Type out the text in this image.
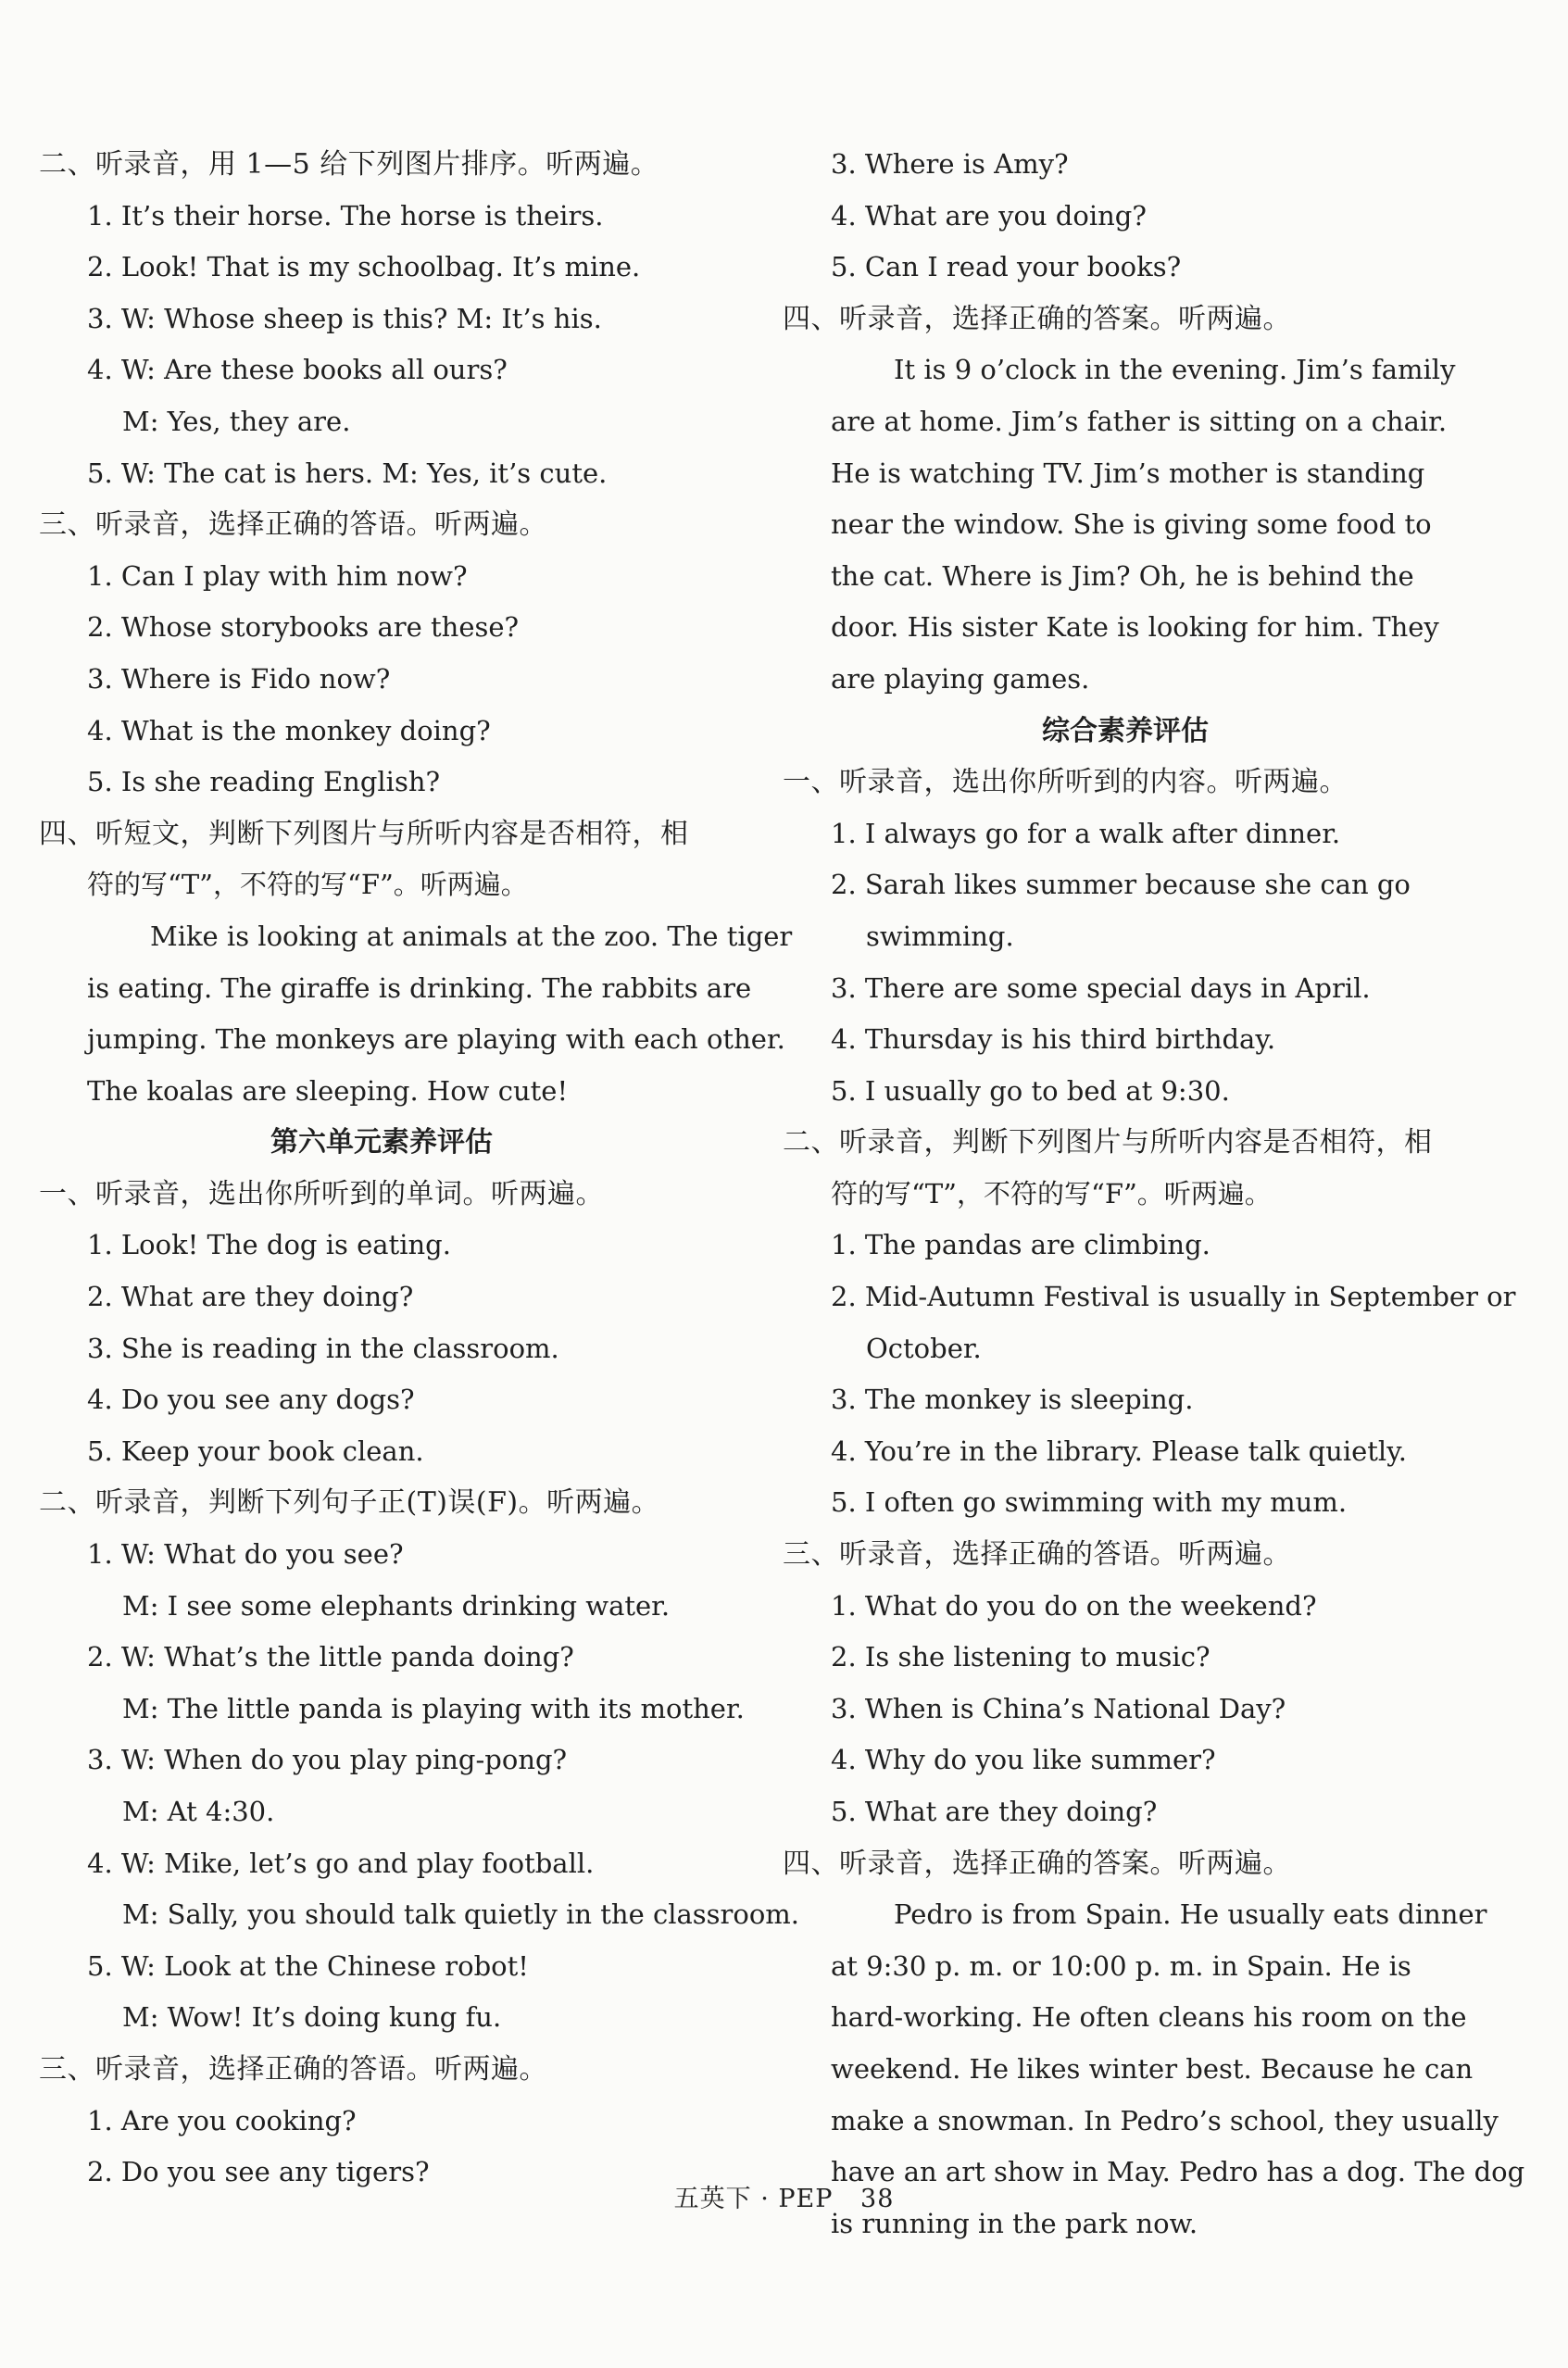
二、听录音，用 1—5 给下列图片排序。听两遍。
1. It’s their horse. The horse is theirs.
2. Look! That is my schoolbag. It’s mine.
3. W: Whose sheep is this? M: It’s his.
4. W: Are these books all ours?
M: Yes, they are.
5. W: The cat is hers. M: Yes, it’s cute.
三、听录音，选择正确的答语。听两遍。
1. Can I play with him now?
2. Whose storybooks are these?
3. Where is Fido now?
4. What is the monkey doing?
5. Is she reading English?
四、听短文，判断下列图片与所听内容是否相符，相
符的写“T”，不符的写“F”。听两遍。
Mike is looking at animals at the zoo. The tiger
is eating. The giraffe is drinking. The rabbits are
jumping. The monkeys are playing with each other.
The koalas are sleeping. How cute!
第六单元素养评估
一、听录音，选出你所听到的单词。听两遍。
1. Look! The dog is eating.
2. What are they doing?
3. She is reading in the classroom.
4. Do you see any dogs?
5. Keep your book clean.
二、听录音，判断下列句子正(T)误(F)。听两遍。
1. W: What do you see?
M: I see some elephants drinking water.
2. W: What’s the little panda doing?
M: The little panda is playing with its mother.
3. W: When do you play ping-pong?
M: At 4:30.
4. W: Mike, let’s go and play football.
M: Sally, you should talk quietly in the classroom.
5. W: Look at the Chinese robot!
M: Wow! It’s doing kung fu.
三、听录音，选择正确的答语。听两遍。
1. Are you cooking?
2. Do you see any tigers?
3. Where is Amy?
4. What are you doing?
5. Can I read your books?
四、听录音，选择正确的答案。听两遍。
It is 9 o’clock in the evening. Jim’s family
are at home. Jim’s father is sitting on a chair.
He is watching TV. Jim’s mother is standing
near the window. She is giving some food to
the cat. Where is Jim? Oh, he is behind the
door. His sister Kate is looking for him. They
are playing games.
综合素养评估
一、听录音，选出你所听到的内容。听两遍。
1. I always go for a walk after dinner.
2. Sarah likes summer because she can go
swimming.
3. There are some special days in April.
4. Thursday is his third birthday.
5. I usually go to bed at 9:30.
二、听录音，判断下列图片与所听内容是否相符，相
符的写“T”，不符的写“F”。听两遍。
1. The pandas are climbing.
2. Mid-Autumn Festival is usually in September or
October.
3. The monkey is sleeping.
4. You’re in the library. Please talk quietly.
5. I often go swimming with my mum.
三、听录音，选择正确的答语。听两遍。
1. What do you do on the weekend?
2. Is she listening to music?
3. When is China’s National Day?
4. Why do you like summer?
5. What are they doing?
四、听录音，选择正确的答案。听两遍。
Pedro is from Spain. He usually eats dinner
at 9:30 p. m. or 10:00 p. m. in Spain. He is
hard-working. He often cleans his room on the
weekend. He likes winter best. Because he can
make a snowman. In Pedro’s school, they usually
have an art show in May. Pedro has a dog. The dog
is running in the park now.
五英下 · PEP 38
